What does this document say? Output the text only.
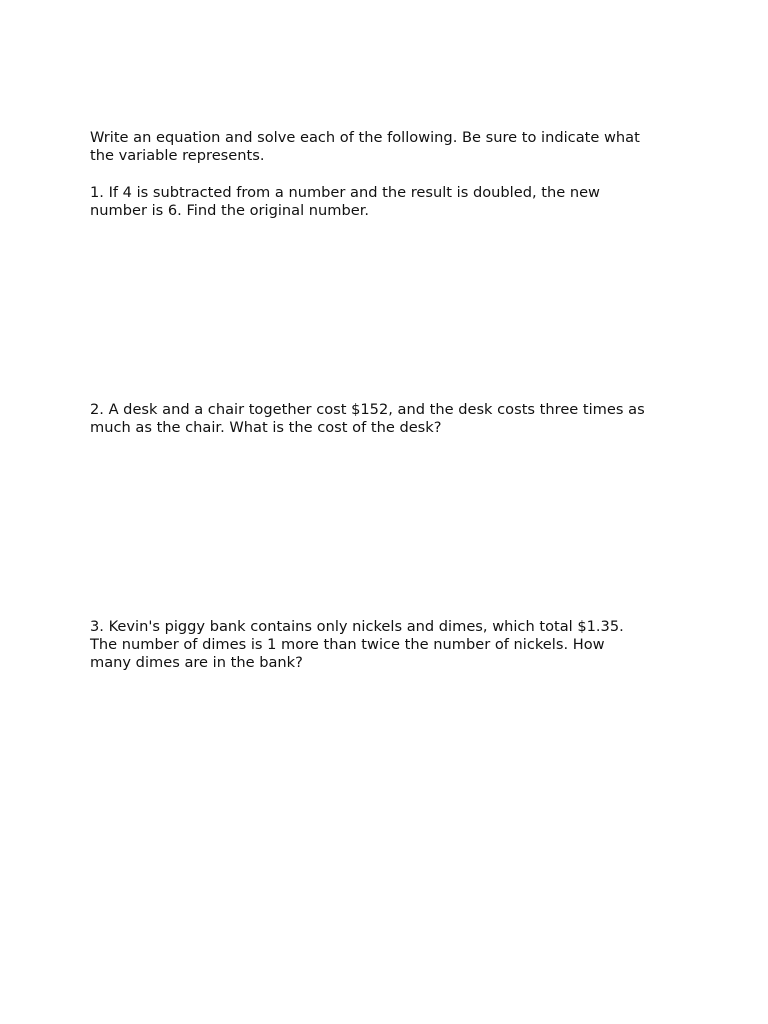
Write an equation and solve each of the following. Be sure to indicate what
the variable represents.

1. If 4 is subtracted from a number and the result is doubled, the new
number is 6. Find the original number.

2. A desk and a chair together cost $152, and the desk costs three times as
much as the chair. What is the cost of the desk?

3. Kevin's piggy bank contains only nickels and dimes, which total $1.35.
The number of dimes is 1 more than twice the number of nickels. How
many dimes are in the bank?
